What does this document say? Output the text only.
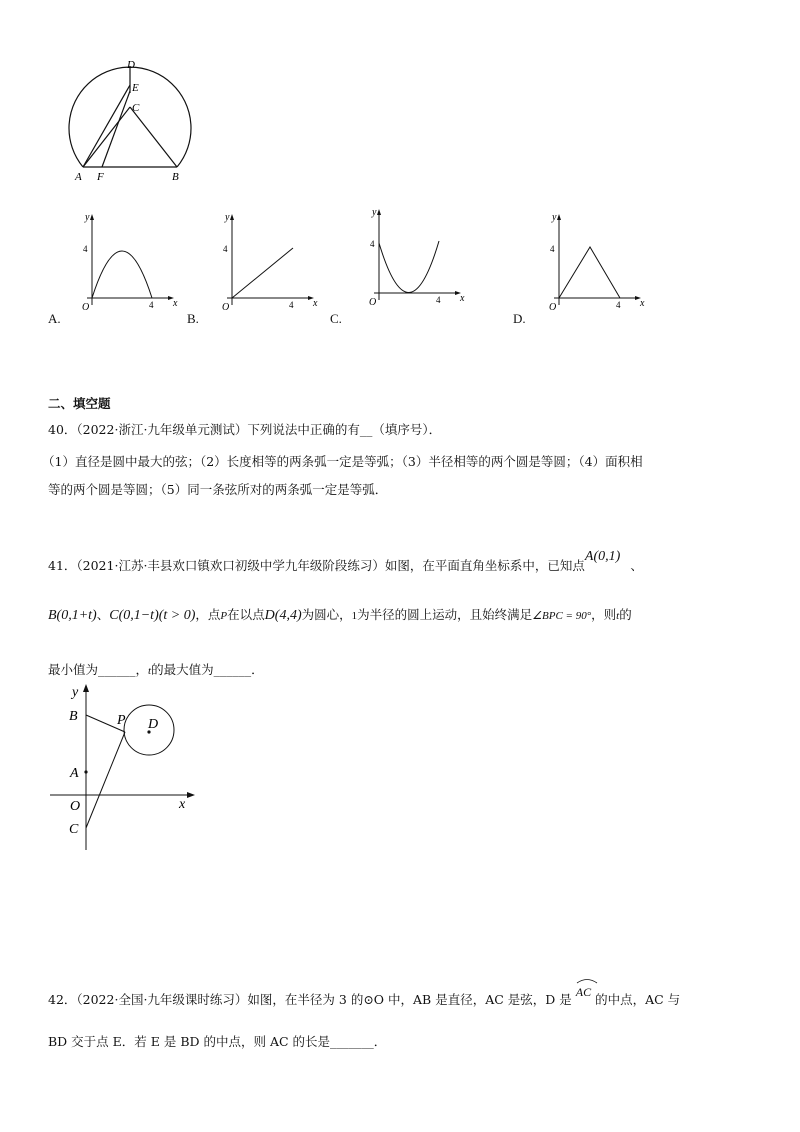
D
E
C
A F	B
y
x
O
4
4
A.
y
x
O
4
4
B.
y
x
O
4
4
C.
y
x
O
4
4
D.
二、填空题
40．（2022·浙江·九年级单元测试）下列说法中正确的有__（填序号）．
（1）直径是圆中最大的弦；（2）长度相等的两条弧一定是等弧；（3）半径相等的两个圆是等圆；（4）面积相
等的两个圆是等圆；（5）同一条弦所对的两条弧一定是等弧．
41．（2021·江苏·丰县欢口镇欢口初级中学九年级阶段练习）如图，在平面直角坐标系中，已知点A(0,1)、
B(0,1+t)、C(0,1−t)(t > 0)，点P在以点D(4,4)为圆心，1为半径的圆上运动，且始终满足∠BPC = 90°，则t的
最小值为______，t的最大值为______．
y
x
O
A
B
C
P D
42．（2022·全国·九年级课时练习）如图，在半径为 3 的⊙O 中，AB 是直径，AC 是弦，D 是 AC 的中点，AC 与
BD 交于点 E．若 E 是 BD 的中点，则 AC 的长是_______．
